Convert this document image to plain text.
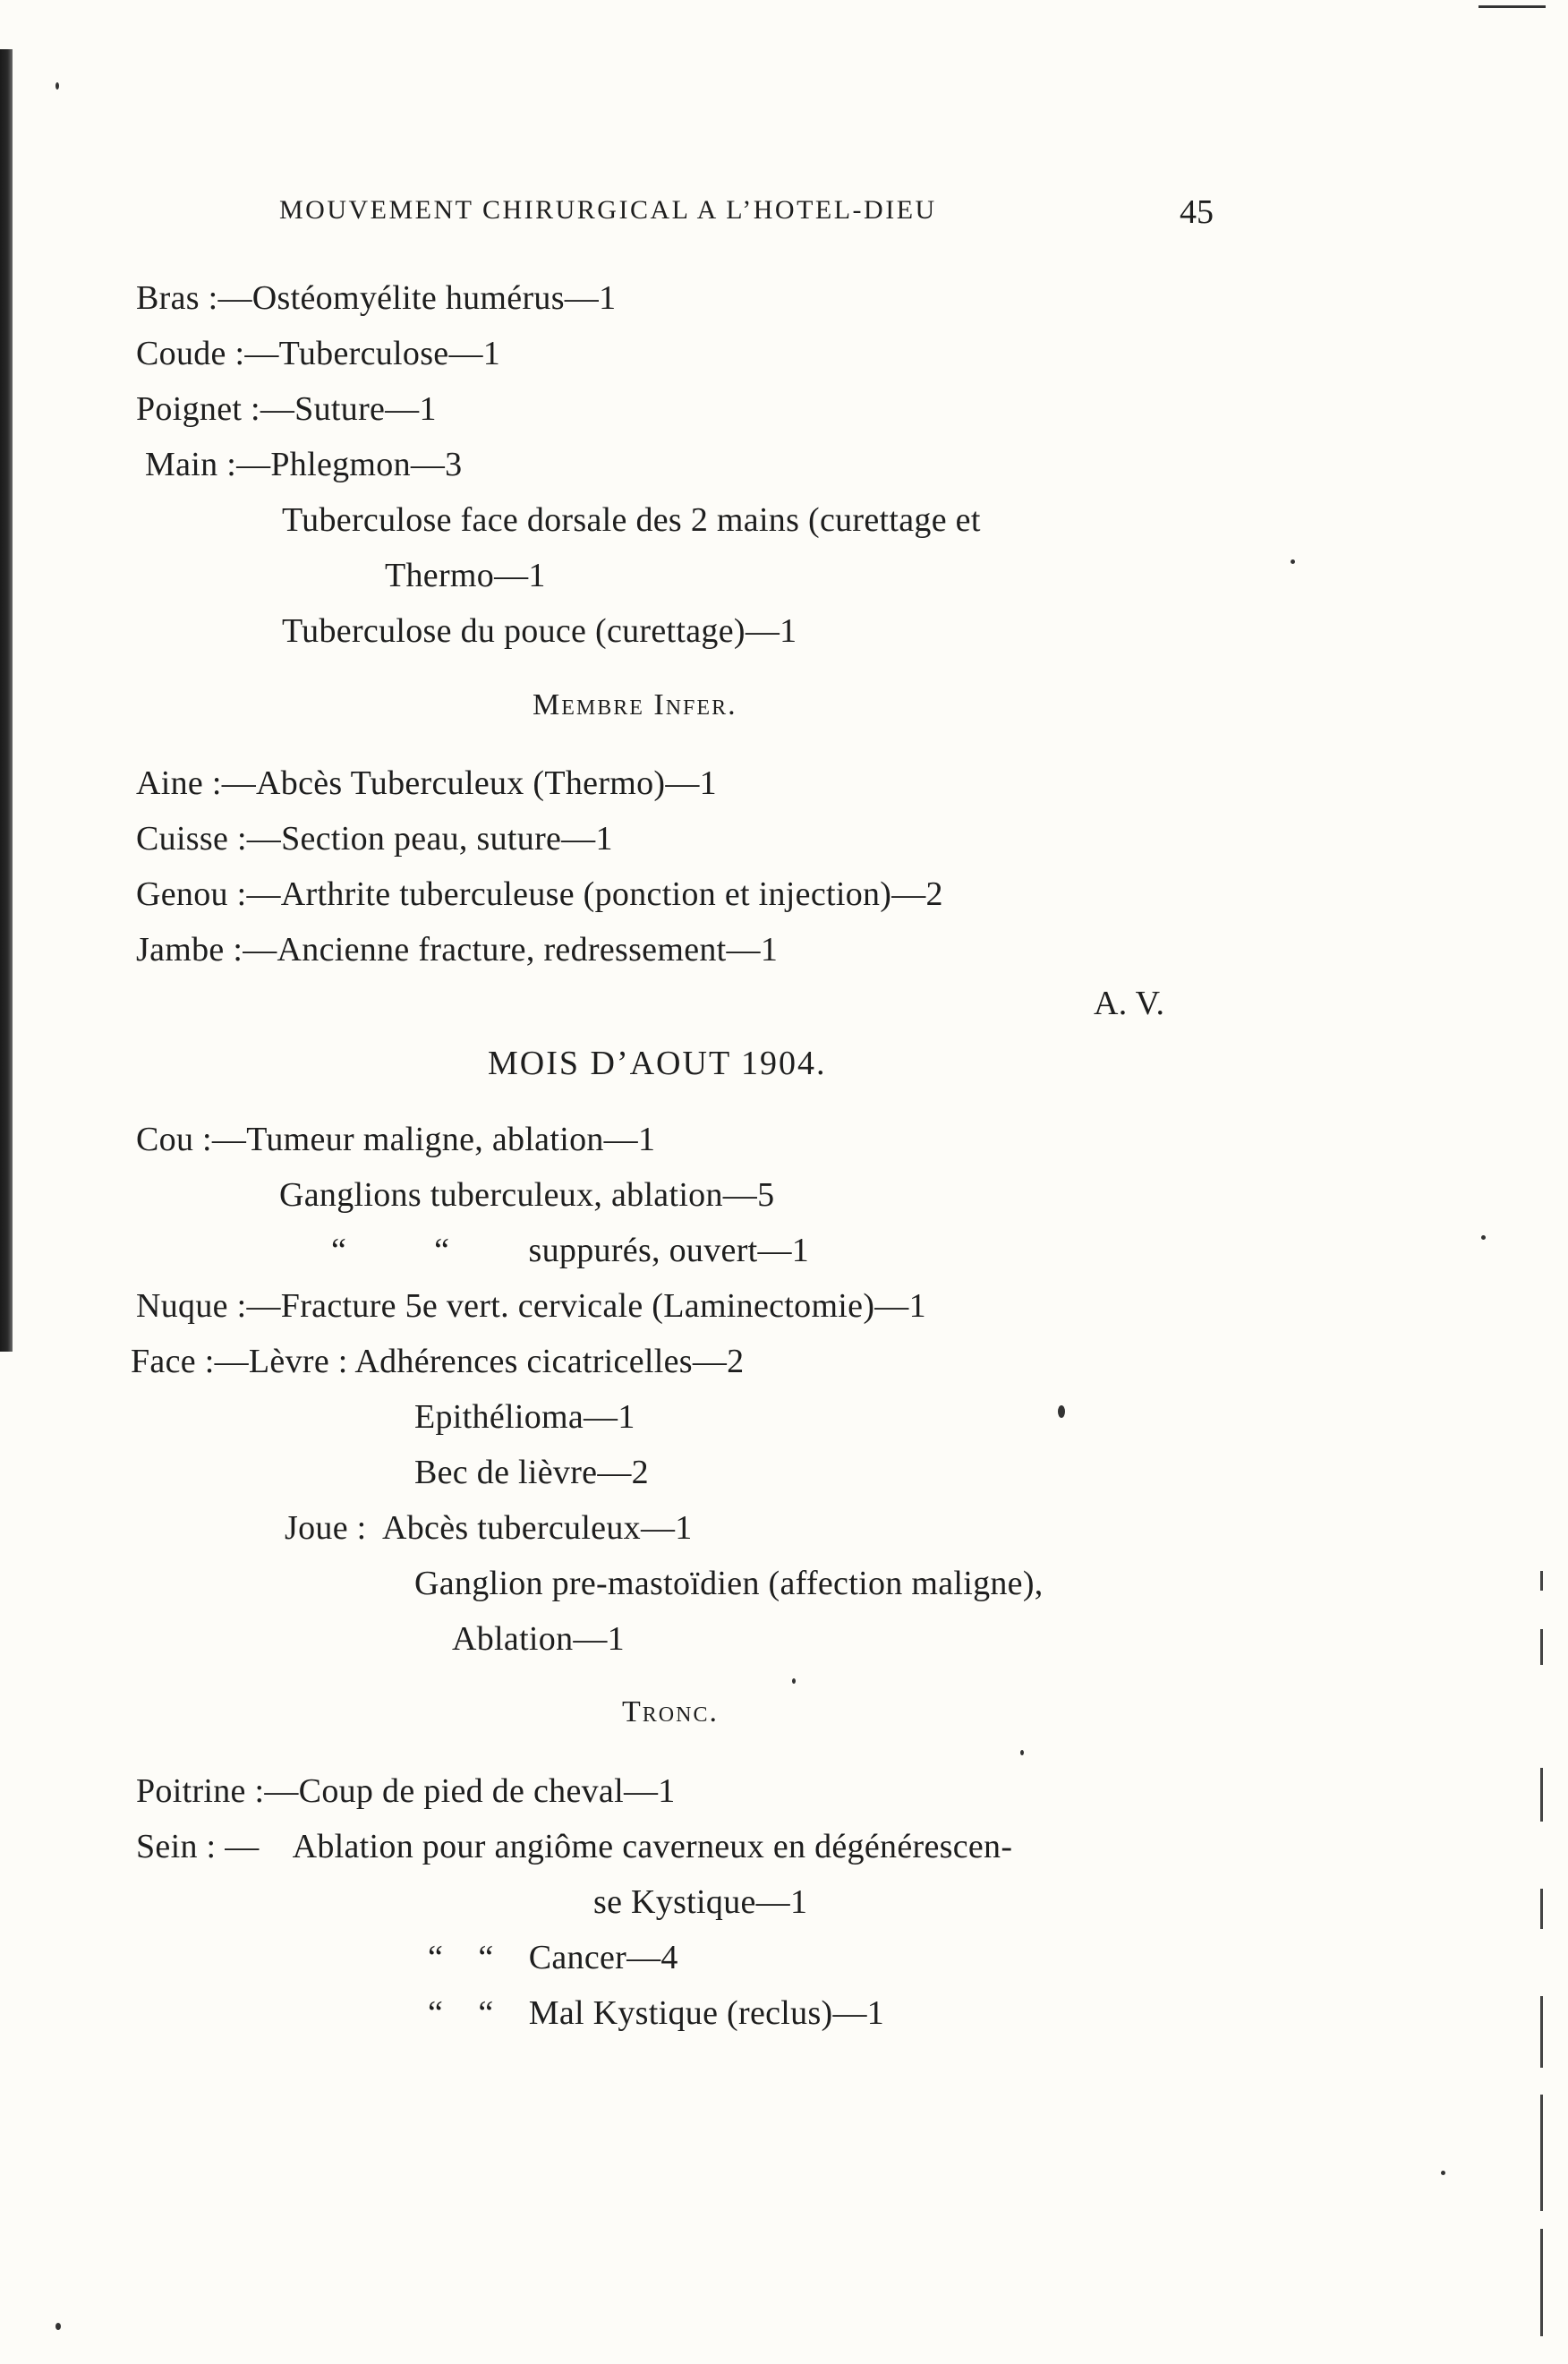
MOUVEMENT CHIRURGICAL A L’HOTEL-DIEU	45
Bras :—Ostéomyélite humérus—1
Coude :—Tuberculose—1
Poignet :—Suture—1
Main :—Phlegmon—3
Tuberculose face dorsale des 2 mains (curettage et
Thermo—1
Tuberculose du pouce (curettage)—1
Membre Infer.
Aine :—Abcès Tuberculeux (Thermo)—1
Cuisse :—Section peau, suture—1
Genou :—Arthrite tuberculeuse (ponction et injection)—2
Jambe :—Ancienne fracture, redressement—1
A. V.
MOIS D’AOUT 1904.
Cou :—Tumeur maligne, ablation—1
Ganglions tuberculeux, ablation—5
“          “         suppurés, ouvert—1
Nuque :—Fracture 5e vert. cervicale (Laminectomie)—1
Face :—Lèvre : Adhérences cicatricelles—2
Epithélioma—1
Bec de lièvre—2
Joue :  Abcès tuberculeux—1
Ganglion pre-mastoïdien (affection maligne),
Ablation—1
Tronc.
Poitrine :—Coup de pied de cheval—1
Sein : —    Ablation pour angiôme caverneux en dégénérescen-
se Kystique—1
“    “    Cancer—4
“    “    Mal Kystique (reclus)—1
